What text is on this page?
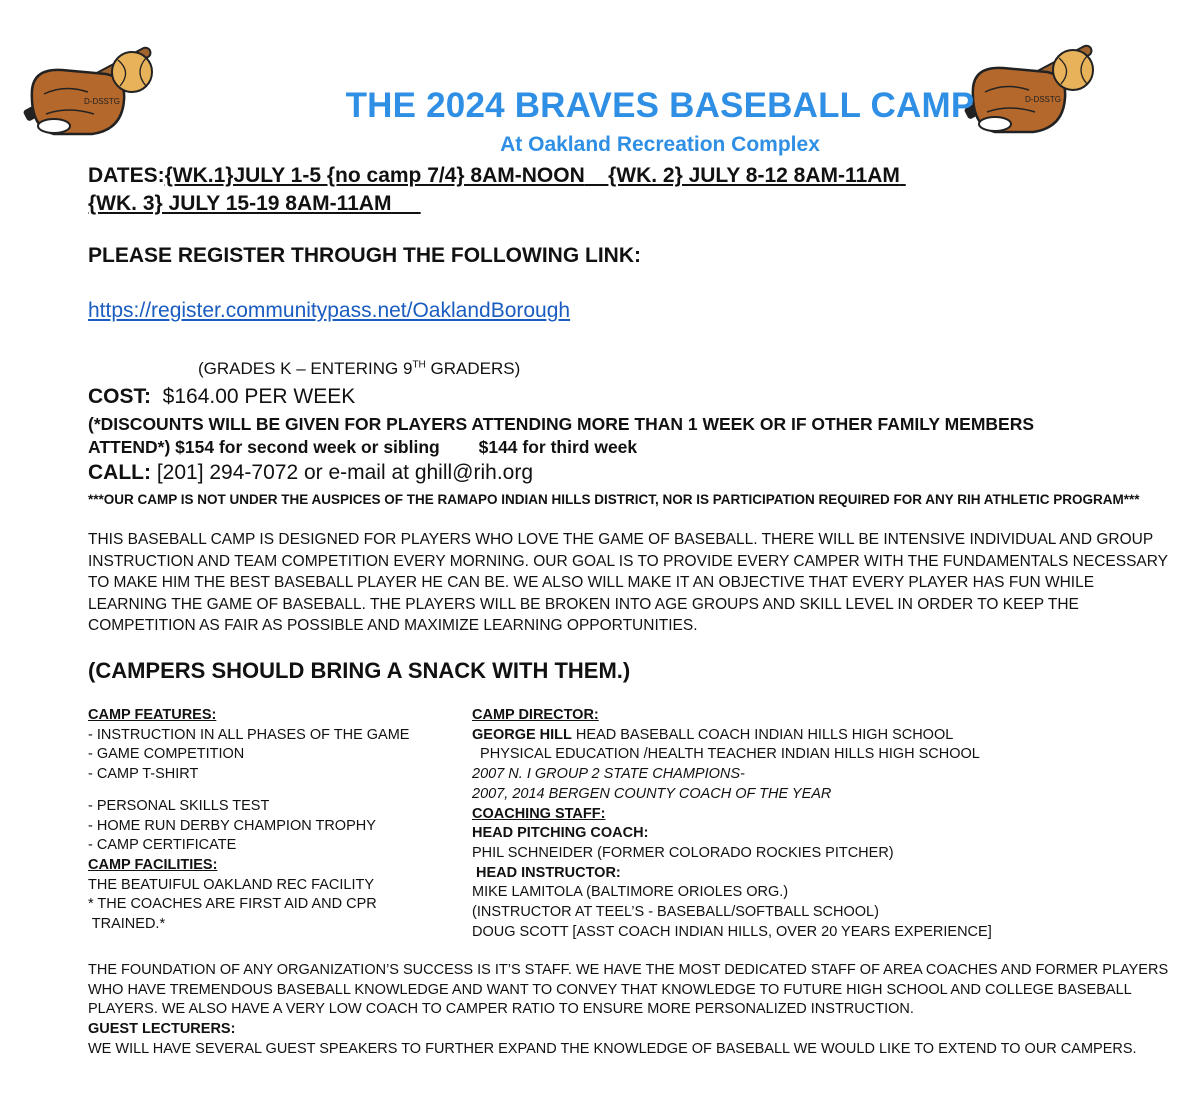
D-DSSTG	D-DSSTG
THE 2024 BRAVES BASEBALL CAMP
At Oakland Recreation Complex
DATES:{WK.1}JULY 1-5 {no camp 7/4} 8AM-NOON {WK. 2} JULY 8-12 8AM-11AM
{WK. 3} JULY 15-19 8AM-11AM
PLEASE REGISTER THROUGH THE FOLLOWING LINK:
https://register.communitypass.net/OaklandBorough
(GRADES K – ENTERING 9TH GRADERS)
COST: $164.00 PER WEEK
(*DISCOUNTS WILL BE GIVEN FOR PLAYERS ATTENDING MORE THAN 1 WEEK OR IF OTHER FAMILY MEMBERS
ATTEND*) $154 for second week or sibling $144 for third week
CALL: [201] 294-7072 or e-mail at ghill@rih.org
***OUR CAMP IS NOT UNDER THE AUSPICES OF THE RAMAPO INDIAN HILLS DISTRICT, NOR IS PARTICIPATION REQUIRED FOR ANY RIH ATHLETIC PROGRAM***
THIS BASEBALL CAMP IS DESIGNED FOR PLAYERS WHO LOVE THE GAME OF BASEBALL. THERE WILL BE INTENSIVE INDIVIDUAL AND GROUP INSTRUCTION AND TEAM COMPETITION EVERY MORNING. OUR GOAL IS TO PROVIDE EVERY CAMPER WITH THE FUNDAMENTALS NECESSARY TO MAKE HIM THE BEST BASEBALL PLAYER HE CAN BE. WE ALSO WILL MAKE IT AN OBJECTIVE THAT EVERY PLAYER HAS FUN WHILE LEARNING THE GAME OF BASEBALL. THE PLAYERS WILL BE BROKEN INTO AGE GROUPS AND SKILL LEVEL IN ORDER TO KEEP THE COMPETITION AS FAIR AS POSSIBLE AND MAXIMIZE LEARNING OPPORTUNITIES.
(CAMPERS SHOULD BRING A SNACK WITH THEM.)
CAMP FEATURES:
- INSTRUCTION IN ALL PHASES OF THE GAME
- GAME COMPETITION
- CAMP T-SHIRT
- PERSONAL SKILLS TEST
- HOME RUN DERBY CHAMPION TROPHY
- CAMP CERTIFICATE
CAMP FACILITIES:
THE BEATUIFUL OAKLAND REC FACILITY
* THE COACHES ARE FIRST AID AND CPR
TRAINED.*
CAMP DIRECTOR:
GEORGE HILL HEAD BASEBALL COACH INDIAN HILLS HIGH SCHOOL
PHYSICAL EDUCATION /HEALTH TEACHER INDIAN HILLS HIGH SCHOOL
2007 N. I GROUP 2 STATE CHAMPIONS-
2007, 2014 BERGEN COUNTY COACH OF THE YEAR
COACHING STAFF:
HEAD PITCHING COACH:
PHIL SCHNEIDER (FORMER COLORADO ROCKIES PITCHER)
HEAD INSTRUCTOR:
MIKE LAMITOLA (BALTIMORE ORIOLES ORG.)
(INSTRUCTOR AT TEEL’S - BASEBALL/SOFTBALL SCHOOL)
DOUG SCOTT [ASST COACH INDIAN HILLS, OVER 20 YEARS EXPERIENCE]
THE FOUNDATION OF ANY ORGANIZATION’S SUCCESS IS IT’S STAFF. WE HAVE THE MOST DEDICATED STAFF OF AREA COACHES AND FORMER PLAYERS WHO HAVE TREMENDOUS BASEBALL KNOWLEDGE AND WANT TO CONVEY THAT KNOWLEDGE TO FUTURE HIGH SCHOOL AND COLLEGE BASEBALL PLAYERS. WE ALSO HAVE A VERY LOW COACH TO CAMPER RATIO TO ENSURE MORE PERSONALIZED INSTRUCTION.
GUEST LECTURERS:
WE WILL HAVE SEVERAL GUEST SPEAKERS TO FURTHER EXPAND THE KNOWLEDGE OF BASEBALL WE WOULD LIKE TO EXTEND TO OUR CAMPERS.
